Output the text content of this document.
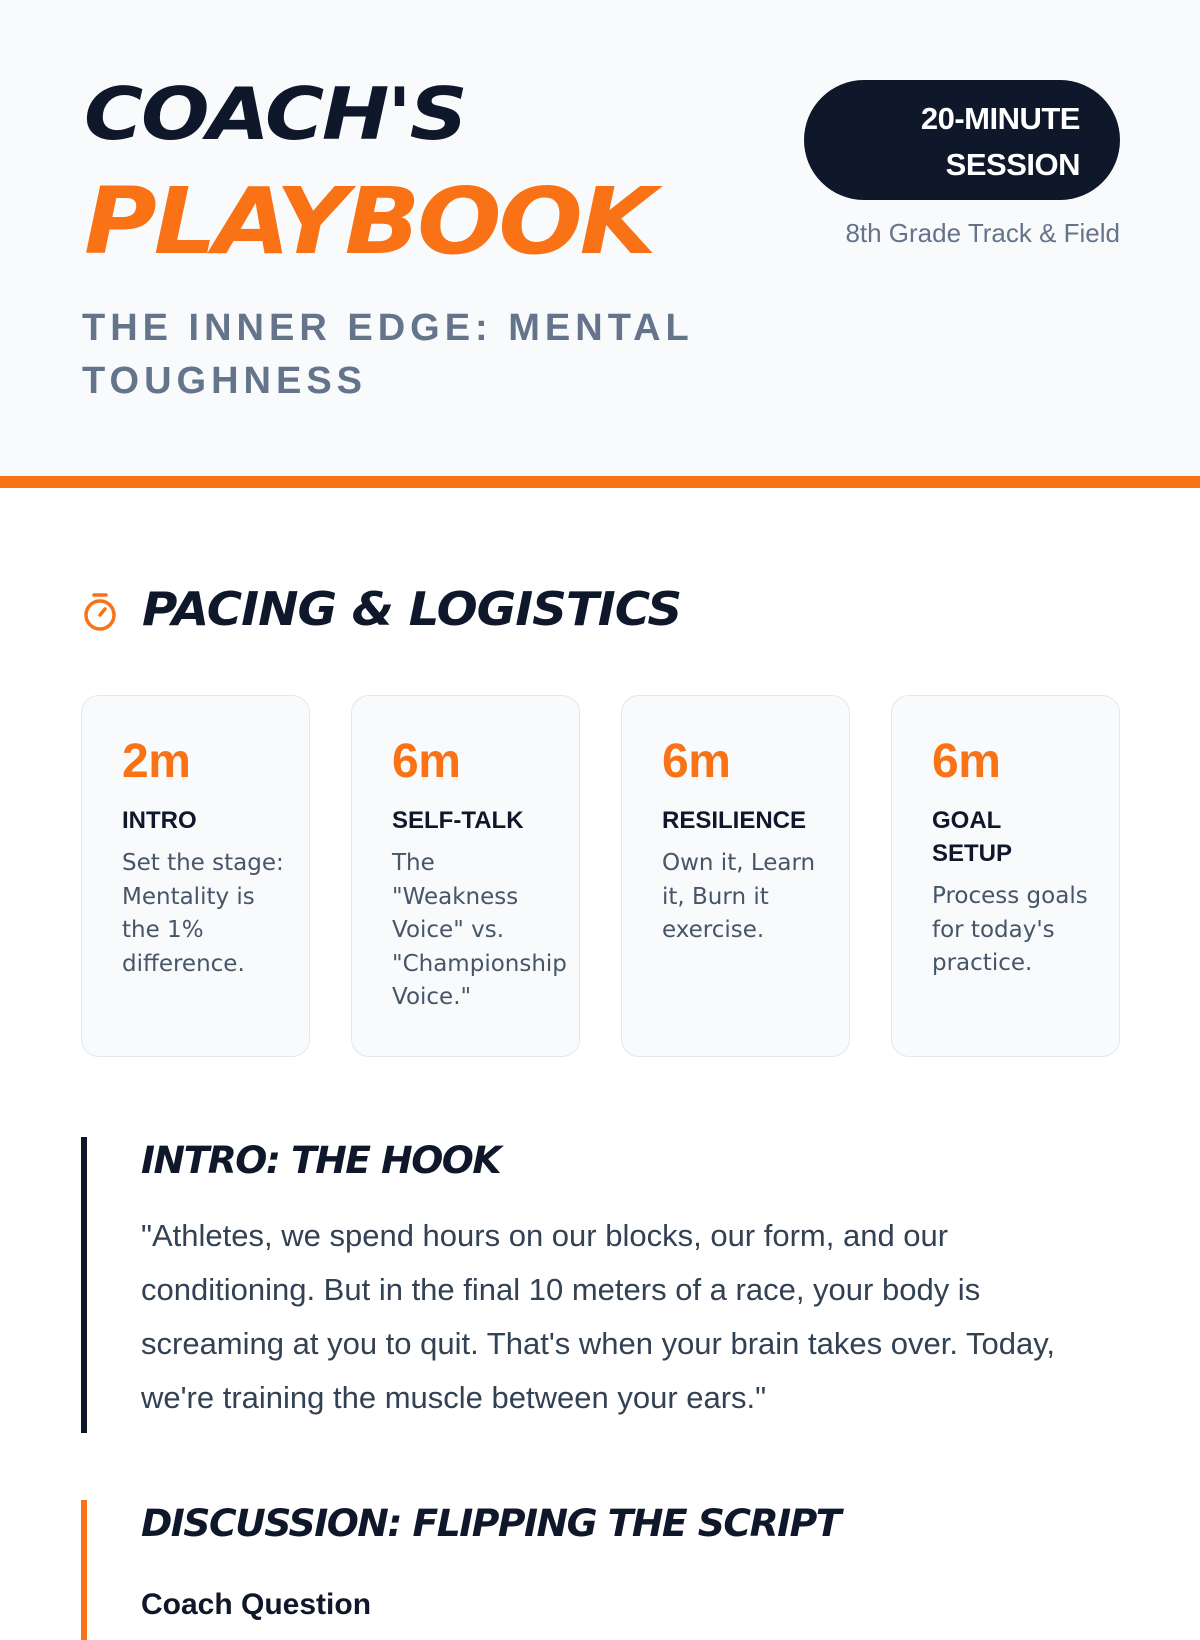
COACH'S
PLAYBOOK
THE INNER EDGE: MENTAL TOUGHNESS
20-MINUTE SESSION
8th Grade Track & Field
PACING & LOGISTICS
2m
INTRO
Set the stage: Mentality is the 1% difference.
6m
SELF-TALK
The "Weakness Voice" vs. "Championship Voice."
6m
RESILIENCE
Own it, Learn it, Burn it exercise.
6m
GOAL SETUP
Process goals for today's practice.
INTRO: THE HOOK
"Athletes, we spend hours on our blocks, our form, and our conditioning. But in the final 10 meters of a race, your body is screaming at you to quit. That's when your brain takes over. Today, we're training the muscle between your ears."
DISCUSSION: FLIPPING THE SCRIPT
Coach Question
